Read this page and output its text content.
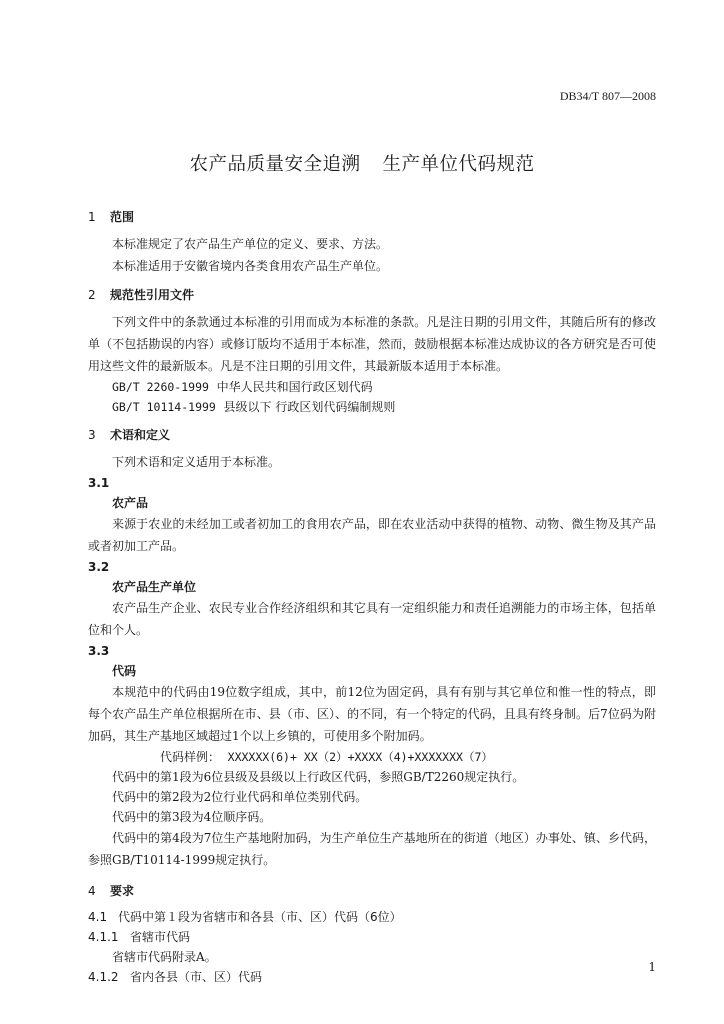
DB34/T 807—2008
农产品质量安全追溯 生产单位代码规范
1 范围
本标准规定了农产品生产单位的定义、要求、方法。
本标准适用于安徽省境内各类食用农产品生产单位。
2 规范性引用文件
下列文件中的条款通过本标准的引用而成为本标准的条款。凡是注日期的引用文件，其随后所有的修改单（不包括勘误的内容）或修订版均不适用于本标准，然而，鼓励根据本标准达成协议的各方研究是否可使用这些文件的最新版本。凡是不注日期的引用文件，其最新版本适用于本标准。
GB/T 2260-1999 中华人民共和国行政区划代码
GB/T 10114-1999 县级以下 行政区划代码编制规则
3 术语和定义
下列术语和定义适用于本标准。
3.1
农产品
来源于农业的未经加工或者初加工的食用农产品，即在农业活动中获得的植物、动物、微生物及其产品或者初加工产品。
3.2
农产品生产单位
农产品生产企业、农民专业合作经济组织和其它具有一定组织能力和责任追溯能力的市场主体，包括单位和个人。
3.3
代码
本规范中的代码由19位数字组成，其中，前12位为固定码，具有有别与其它单位和惟一性的特点，即每个农产品生产单位根据所在市、县（市、区）、的不同，有一个特定的代码，且具有终身制。后7位码为附加码，其生产基地区域超过1个以上乡镇的，可使用多个附加码。
代码样例： XXXXXX(6)+ XX（2）+XXXX（4)+XXXXXXX（7）
代码中的第1段为6位县级及县级以上行政区代码，参照GB/T2260规定执行。
代码中的第2段为2位行业代码和单位类别代码。
代码中的第3段为4位顺序码。
代码中的第4段为7位生产基地附加码，为生产单位生产基地所在的街道（地区）办事处、镇、乡代码，参照GB/T10114-1999规定执行。
4 要求
4.1 代码中第１段为省辖市和各县（市、区）代码（6位）
4.1.1 省辖市代码
省辖市代码附录A。
4.1.2 省内各县（市、区）代码
1
